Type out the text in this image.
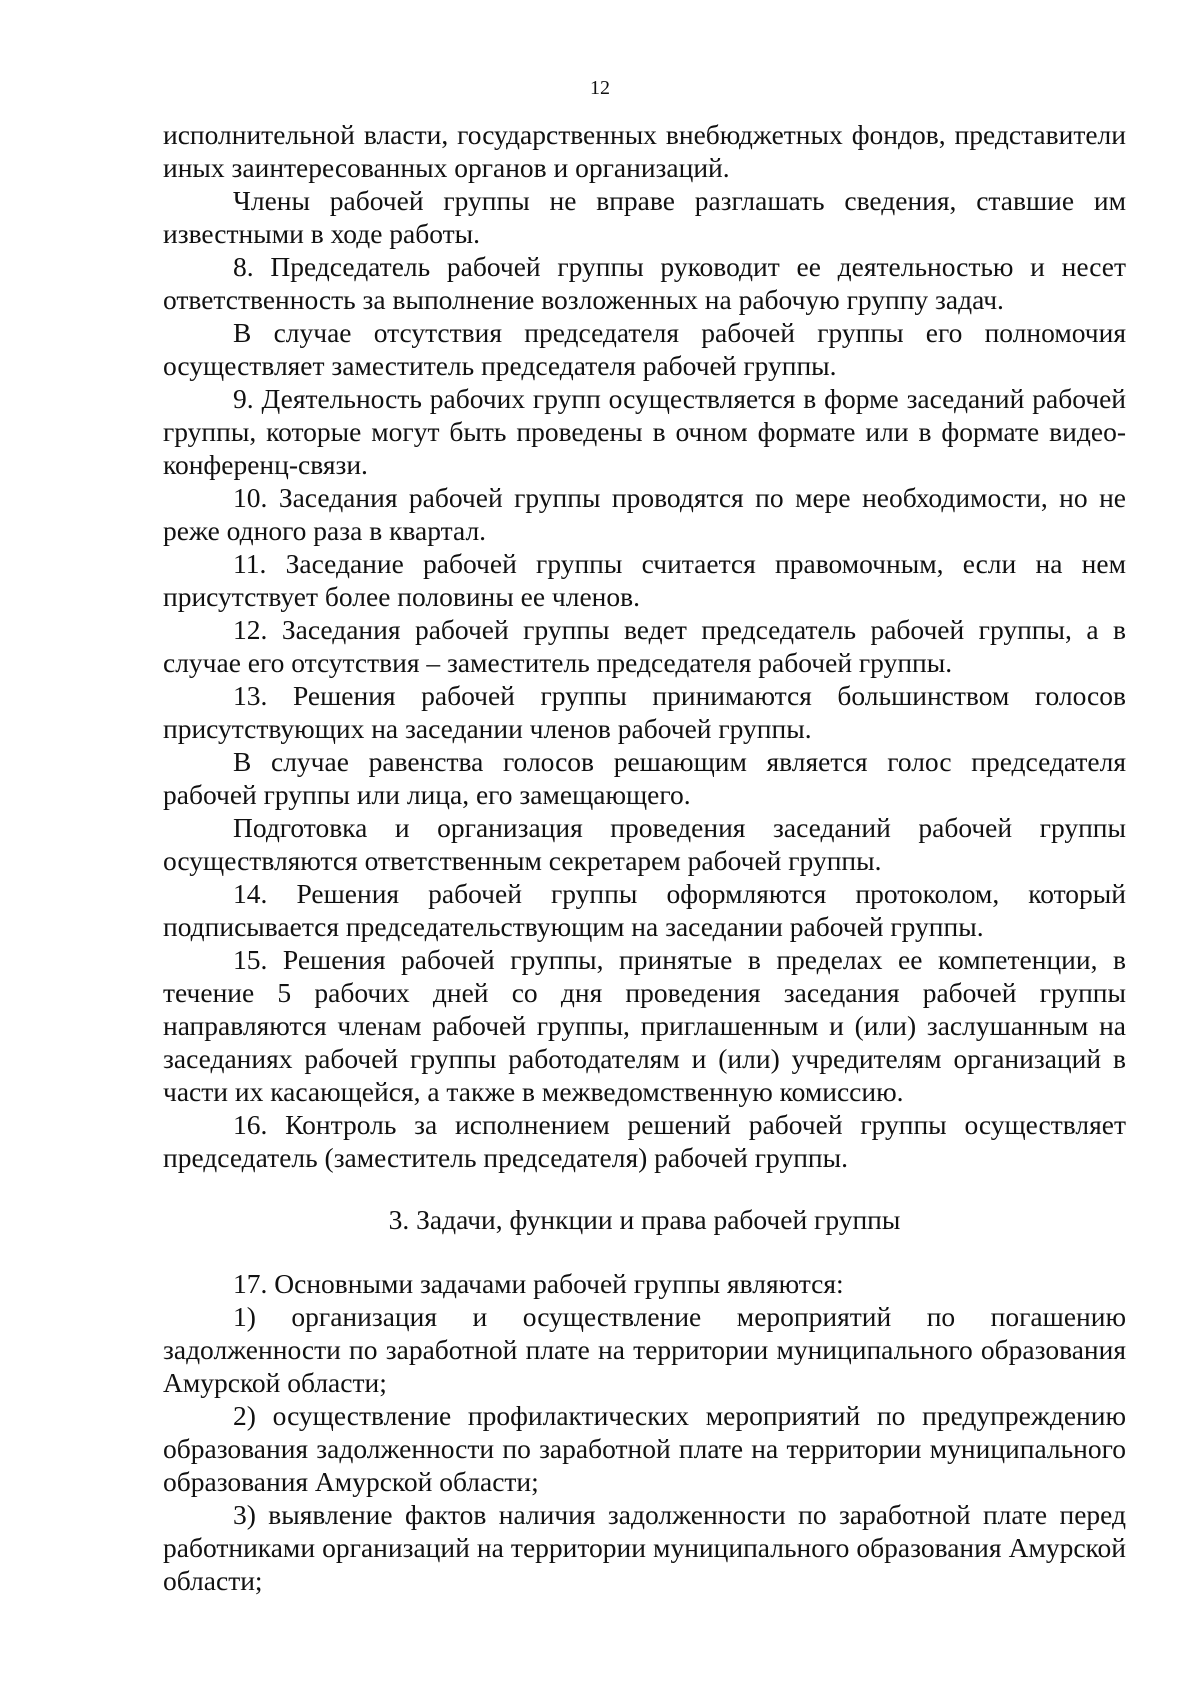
12

исполнительной власти, государственных внебюджетных фондов, представители иных заинтересованных органов и организаций.

Члены рабочей группы не вправе разглашать сведения, ставшие им известными в ходе работы.

8. Председатель рабочей группы руководит ее деятельностью и несет ответственность за выполнение возложенных на рабочую группу задач.

В случае отсутствия председателя рабочей группы его полномочия осуществляет заместитель председателя рабочей группы.

9. Деятельность рабочих групп осуществляется в форме заседаний рабочей группы, которые могут быть проведены в очном формате или в формате видео-конференц-связи.

10. Заседания рабочей группы проводятся по мере необходимости, но не реже одного раза в квартал.

11. Заседание рабочей группы считается правомочным, если на нем присутствует более половины ее членов.

12. Заседания рабочей группы ведет председатель рабочей группы, а в случае его отсутствия – заместитель председателя рабочей группы.

13. Решения рабочей группы принимаются большинством голосов присутствующих на заседании членов рабочей группы.

В случае равенства голосов решающим является голос председателя рабочей группы или лица, его замещающего.

Подготовка и организация проведения заседаний рабочей группы осуществляются ответственным секретарем рабочей группы.

14. Решения рабочей группы оформляются протоколом, который подписывается председательствующим на заседании рабочей группы.

15. Решения рабочей группы, принятые в пределах ее компетенции, в течение 5 рабочих дней со дня проведения заседания рабочей группы направляются членам рабочей группы, приглашенным и (или) заслушанным на заседаниях рабочей группы работодателям и (или) учредителям организаций в части их касающейся, а также в межведомственную комиссию.

16. Контроль за исполнением решений рабочей группы осуществляет председатель (заместитель председателя) рабочей группы.

3. Задачи, функции и права рабочей группы

17. Основными задачами рабочей группы являются:

1) организация и осуществление мероприятий по погашению задолженности по заработной плате на территории муниципального образования Амурской области;

2) осуществление профилактических мероприятий по предупреждению образования задолженности по заработной плате на территории муниципального образования Амурской области;

3) выявление фактов наличия задолженности по заработной плате перед работниками организаций на территории муниципального образования Амурской области;
